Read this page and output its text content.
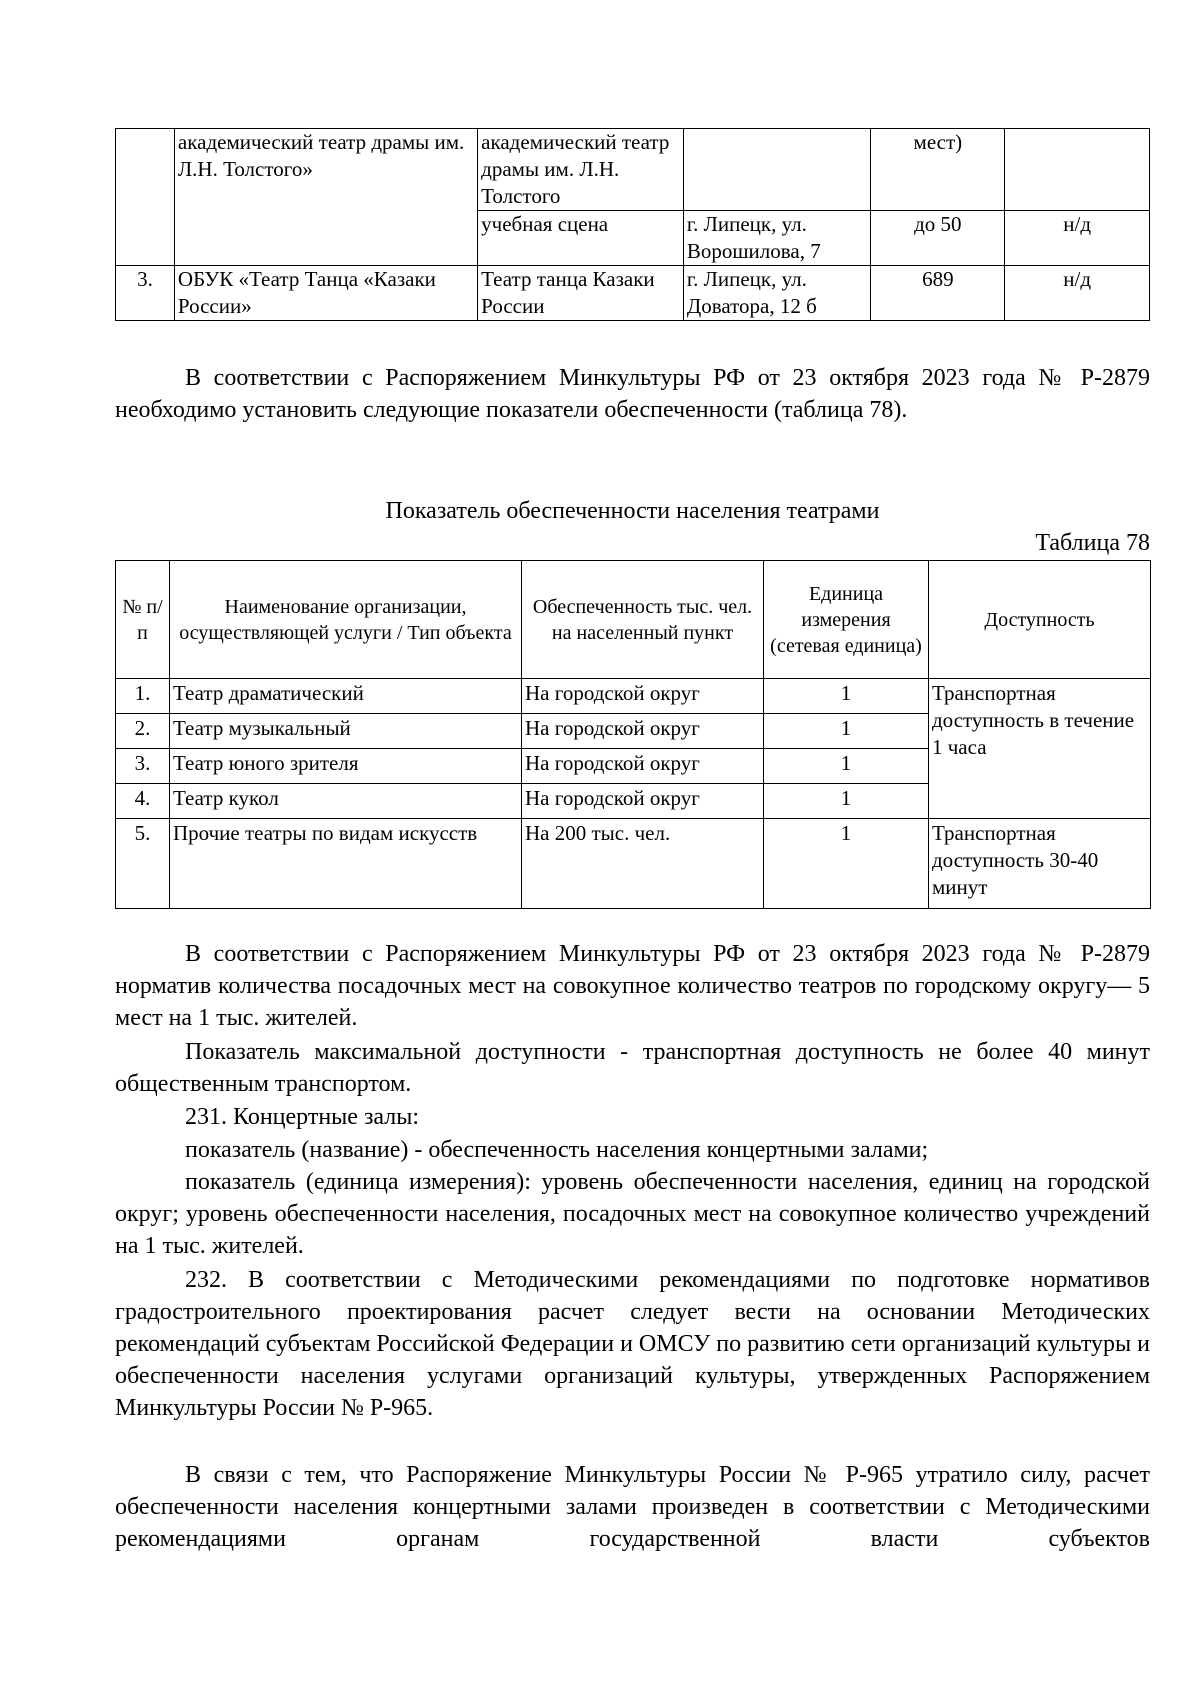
	академический театр драмы им. Л.Н. Толстого»	академический театр драмы им. Л.Н. Толстого		мест)	
		учебная сцена	г. Липецк, ул. Ворошилова, 7	до 50	н/д
3.	ОБУК «Театр Танца «Казаки России»	Театр танца Казаки России	г. Липецк, ул. Доватора, 12 б	689	н/д

В соответствии с Распоряжением Минкультуры РФ от 23 октября 2023 года № Р-2879 необходимо установить следующие показатели обеспеченности (таблица 78).

Показатель обеспеченности населения театрами
Таблица 78
№ п/п	Наименование организации, осуществляющей услуги / Тип объекта	Обеспеченность тыс. чел. на населенный пункт	Единица измерения (сетевая единица)	Доступность
1.	Театр драматический	На городской округ	1	Транспортная доступность в течение 1 часа
2.	Театр музыкальный	На городской округ	1	
3.	Театр юного зрителя	На городской округ	1	
4.	Театр кукол	На городской округ	1	
5.	Прочие театры по видам искусств	На 200 тыс. чел.	1	Транспортная доступность 30-40 минут

В соответствии с Распоряжением Минкультуры РФ от 23 октября 2023 года № Р-2879 норматив количества посадочных мест на совокупное количество театров по городскому округу— 5 мест на 1 тыс. жителей.

Показатель максимальной доступности - транспортная доступность не более 40 минут общественным транспортом.

231. Концертные залы:

показатель (название) - обеспеченность населения концертными залами;

показатель (единица измерения): уровень обеспеченности населения, единиц на городской округ; уровень обеспеченности населения, посадочных мест на совокупное количество учреждений на 1 тыс. жителей.

232. В соответствии с Методическими рекомендациями по подготовке нормативов градостроительного проектирования расчет следует вести на основании Методических рекомендаций субъектам Российской Федерации и ОМСУ по развитию сети организаций культуры и обеспеченности населения услугами организаций культуры, утвержденных Распоряжением Минкультуры России № Р-965.

В связи с тем, что Распоряжение Минкультуры России № Р-965 утратило силу, расчет обеспеченности населения концертными залами произведен в соответствии с Методическими рекомендациями органам государственной власти субъектов
